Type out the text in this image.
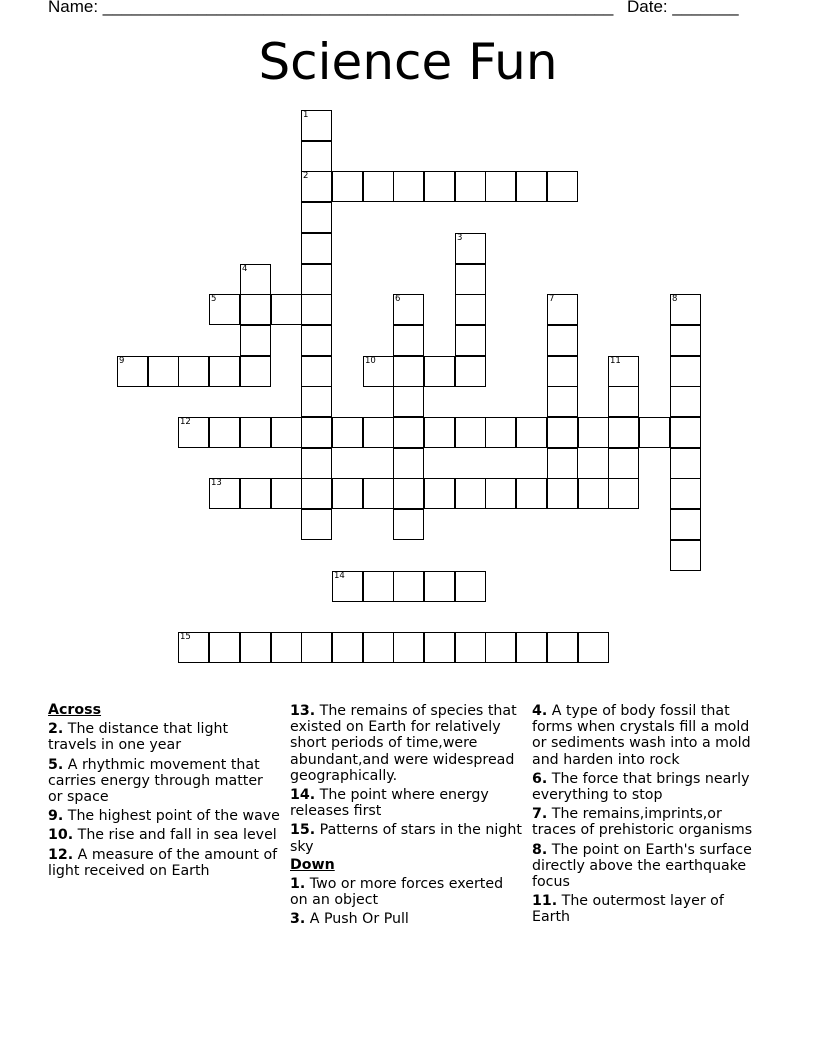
Name: ______________________________________________________ Date: _______
Science Fun
1
2
3
4
5	6	7	8
9	10	11
12
13
14
15
Across
2. The distance that light travels in one year
5. A rhythmic movement that carries energy through matter or space
9. The highest point of the wave
10. The rise and fall in sea level
12. A measure of the amount of light received on Earth
13. The remains of species that existed on Earth for relatively short periods of time,were abundant,and were widespread geographically.
14. The point where energy releases first
15. Patterns of stars in the night sky
Down
1. Two or more forces exerted on an object
3. A Push Or Pull
4. A type of body fossil that forms when crystals fill a mold or sediments wash into a mold and harden into rock
6. The force that brings nearly everything to stop
7. The remains,imprints,or traces of prehistoric organisms
8. The point on Earth's surface directly above the earthquake focus
11. The outermost layer of Earth
